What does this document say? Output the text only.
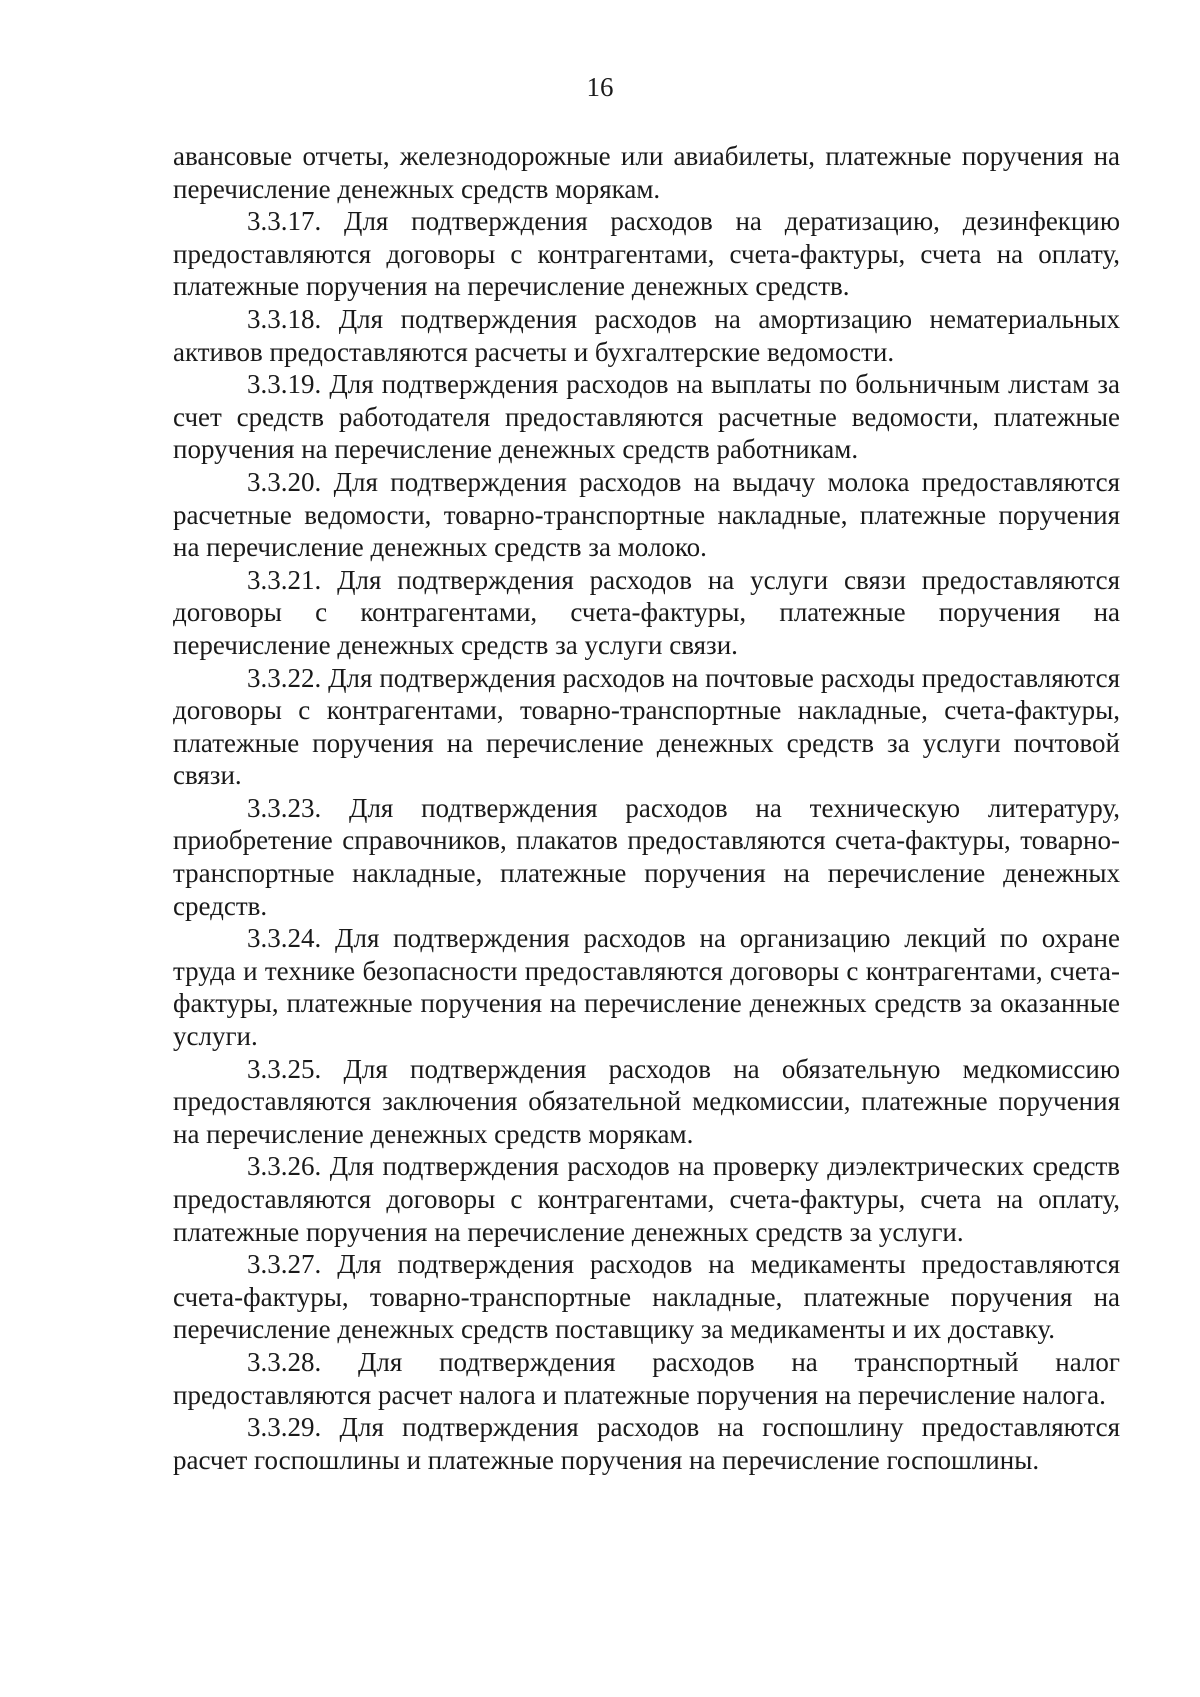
16

авансовые отчеты, железнодорожные или авиабилеты, платежные поручения на перечисление денежных средств морякам.

3.3.17. Для подтверждения расходов на дератизацию, дезинфекцию предоставляются договоры с контрагентами, счета-фактуры, счета на оплату, платежные поручения на перечисление денежных средств.

3.3.18. Для подтверждения расходов на амортизацию нематериальных активов предоставляются расчеты и бухгалтерские ведомости.

3.3.19. Для подтверждения расходов на выплаты по больничным листам за счет средств работодателя предоставляются расчетные ведомости, платежные поручения на перечисление денежных средств работникам.

3.3.20. Для подтверждения расходов на выдачу молока предоставляются расчетные ведомости, товарно-транспортные накладные, платежные поручения на перечисление денежных средств за молоко.

3.3.21. Для подтверждения расходов на услуги связи предоставляются договоры с контрагентами, счета-фактуры, платежные поручения на перечисление денежных средств за услуги связи.

3.3.22. Для подтверждения расходов на почтовые расходы предоставляются договоры с контрагентами, товарно-транспортные накладные, счета-фактуры, платежные поручения на перечисление денежных средств за услуги почтовой связи.

3.3.23. Для подтверждения расходов на техническую литературу, приобретение справочников, плакатов предоставляются счета-фактуры, товарно-транспортные накладные, платежные поручения на перечисление денежных средств.

3.3.24. Для подтверждения расходов на организацию лекций по охране труда и технике безопасности предоставляются договоры с контрагентами, счета-фактуры, платежные поручения на перечисление денежных средств за оказанные услуги.

3.3.25. Для подтверждения расходов на обязательную медкомиссию предоставляются заключения обязательной медкомиссии, платежные поручения на перечисление денежных средств морякам.

3.3.26. Для подтверждения расходов на проверку диэлектрических средств предоставляются договоры с контрагентами, счета-фактуры, счета на оплату, платежные поручения на перечисление денежных средств за услуги.

3.3.27. Для подтверждения расходов на медикаменты предоставляются счета-фактуры, товарно-транспортные накладные, платежные поручения на перечисление денежных средств поставщику за медикаменты и их доставку.

3.3.28. Для подтверждения расходов на транспортный налог предоставляются расчет налога и платежные поручения на перечисление налога.

3.3.29. Для подтверждения расходов на госпошлину предоставляются расчет госпошлины и платежные поручения на перечисление госпошлины.
